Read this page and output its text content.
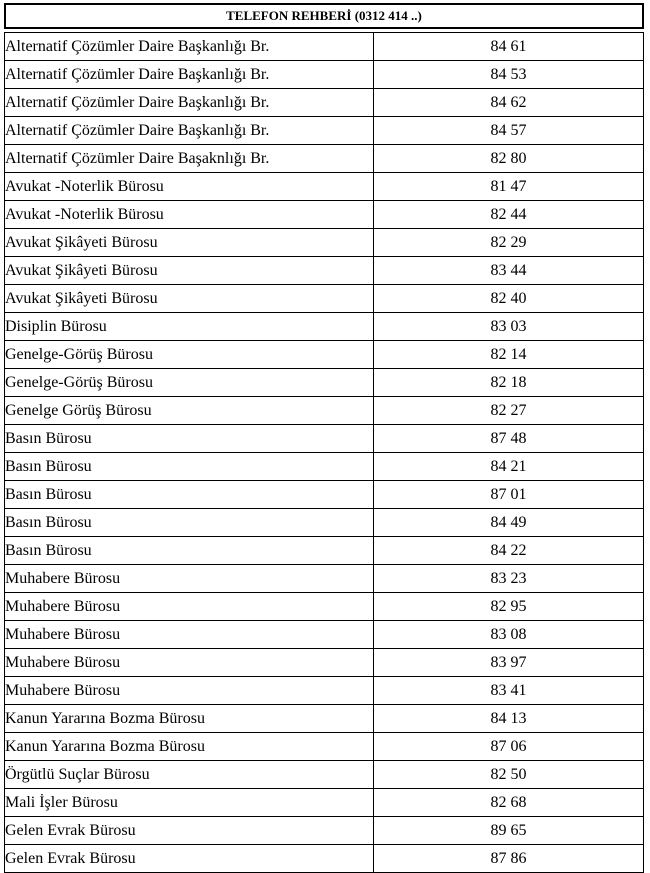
TELEFON REHBERİ (0312 414 ..)
Alternatif Çözümler Daire Başkanlığı Br.	84 61
Alternatif Çözümler Daire Başkanlığı Br.	84 53
Alternatif Çözümler Daire Başkanlığı Br.	84 62
Alternatif Çözümler Daire Başkanlığı Br.	84 57
Alternatif Çözümler Daire Başaknlığı Br.	82 80
Avukat -Noterlik Bürosu	81 47
Avukat -Noterlik Bürosu	82 44
Avukat Şikâyeti Bürosu	82 29
Avukat Şikâyeti Bürosu	83 44
Avukat Şikâyeti Bürosu	82 40
Disiplin Bürosu	83 03
Genelge-Görüş Bürosu	82 14
Genelge-Görüş Bürosu	82 18
Genelge Görüş Bürosu	82 27
Basın Bürosu	87 48
Basın Bürosu	84 21
Basın Bürosu	87 01
Basın Bürosu	84 49
Basın Bürosu	84 22
Muhabere Bürosu	83 23
Muhabere Bürosu	82 95
Muhabere Bürosu	83 08
Muhabere Bürosu	83 97
Muhabere Bürosu	83 41
Kanun Yararına Bozma Bürosu	84 13
Kanun Yararına Bozma Bürosu	87 06
Örgütlü Suçlar Bürosu	82 50
Mali İşler Bürosu	82 68
Gelen Evrak Bürosu	89 65
Gelen Evrak Bürosu	87 86
